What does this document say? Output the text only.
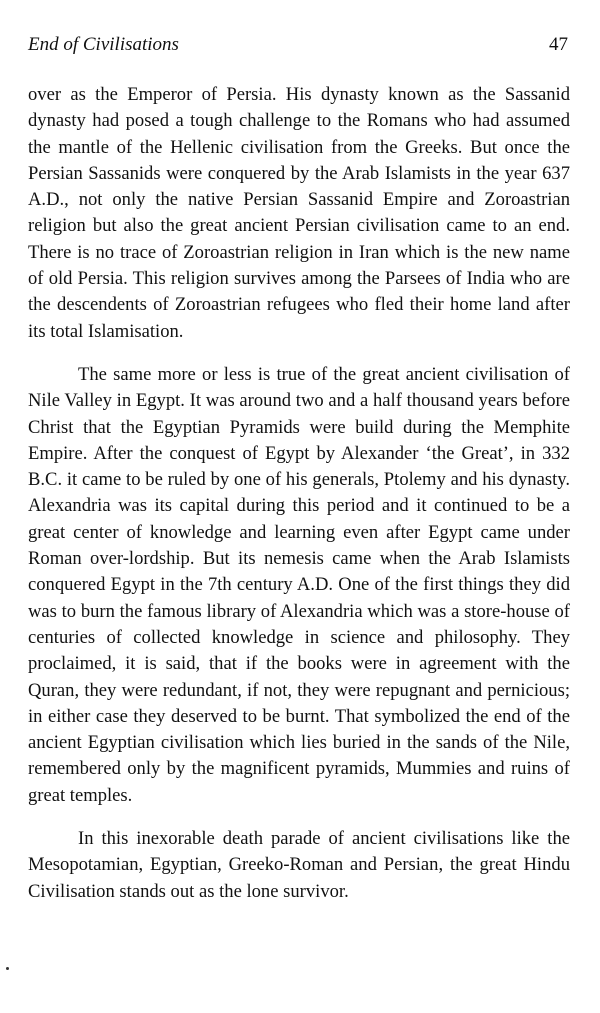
End of Civilisations	47

over as the Emperor of Persia. His dynasty known as the Sassanid dynasty had posed a tough challenge to the Romans who had assumed the mantle of the Hellenic civilisation from the Greeks. But once the Persian Sassanids were conquered by the Arab Islamists in the year 637 A.D., not only the native Persian Sassanid Empire and Zoroastrian religion but also the great ancient Persian civilisation came to an end. There is no trace of Zoroastrian religion in Iran which is the new name of old Persia. This religion survives among the Parsees of India who are the descendents of Zoroastrian refugees who fled their home land after its total Islamisation.

The same more or less is true of the great ancient civilisation of Nile Valley in Egypt. It was around two and a half thousand years before Christ that the Egyptian Pyramids were build during the Memphite Empire. After the conquest of Egypt by Alexander ‘the Great’, in 332 B.C. it came to be ruled by one of his generals, Ptolemy and his dynasty. Alexandria was its capital during this period and it continued to be a great center of knowledge and learning even after Egypt came under Roman over-lordship. But its nemesis came when the Arab Islamists conquered Egypt in the 7th century A.D. One of the first things they did was to burn the famous library of Alexandria which was a store-house of centuries of collected knowledge in science and philosophy. They proclaimed, it is said, that if the books were in agreement with the Quran, they were redundant, if not, they were repugnant and pernicious; in either case they deserved to be burnt. That symbolized the end of the ancient Egyptian civilisation which lies buried in the sands of the Nile, remembered only by the magnificent pyramids, Mummies and ruins of great temples.

In this inexorable death parade of ancient civilisations like the Mesopotamian, Egyptian, Greeko-Roman and Persian, the great Hindu Civilisation stands out as the lone survivor.
